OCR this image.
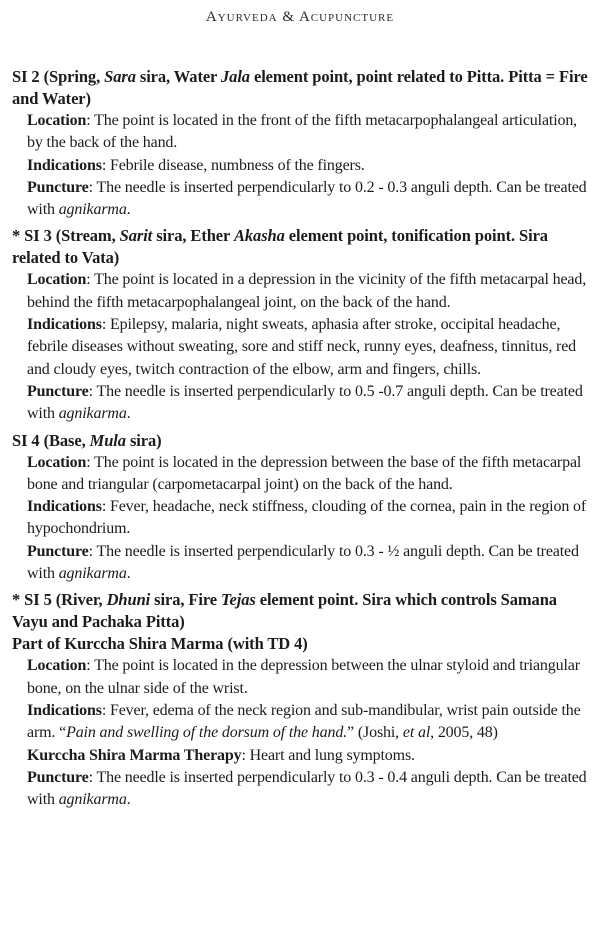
Ayurveda & Acupuncture
SI 2 (Spring, Sara sira, Water Jala element point, point related to Pitta. Pitta = Fire and Water)
Location: The point is located in the front of the fifth metacarpophalangeal articulation, by the back of the hand.
Indications: Febrile disease, numbness of the fingers.
Puncture: The needle is inserted perpendicularly to 0.2 - 0.3 anguli depth. Can be treated with agnikarma.
* SI 3 (Stream, Sarit sira, Ether Akasha element point, tonification point. Sira related to Vata)
Location: The point is located in a depression in the vicinity of the fifth metacarpal head, behind the fifth metacarpophalangeal joint, on the back of the hand.
Indications: Epilepsy, malaria, night sweats, aphasia after stroke, occipital headache, febrile diseases without sweating, sore and stiff neck, runny eyes, deafness, tinnitus, red and cloudy eyes, twitch contraction of the elbow, arm and fingers, chills.
Puncture: The needle is inserted perpendicularly to 0.5 -0.7 anguli depth. Can be treated with agnikarma.
SI 4 (Base, Mula sira)
Location: The point is located in the depression between the base of the fifth metacarpal bone and triangular (carpometacarpal joint) on the back of the hand.
Indications: Fever, headache, neck stiffness, clouding of the cornea, pain in the region of hypochondrium.
Puncture: The needle is inserted perpendicularly to 0.3 - ½ anguli depth. Can be treated with agnikarma.
* SI 5 (River, Dhuni sira, Fire Tejas element point. Sira which controls Samana Vayu and Pachaka Pitta)
Part of Kurccha Shira Marma (with TD 4)
Location: The point is located in the depression between the ulnar styloid and triangular bone, on the ulnar side of the wrist.
Indications: Fever, edema of the neck region and sub-mandibular, wrist pain outside the arm. “Pain and swelling of the dorsum of the hand.” (Joshi, et al, 2005, 48)
Kurccha Shira Marma Therapy: Heart and lung symptoms.
Puncture: The needle is inserted perpendicularly to 0.3 - 0.4 anguli depth. Can be treated with agnikarma.
